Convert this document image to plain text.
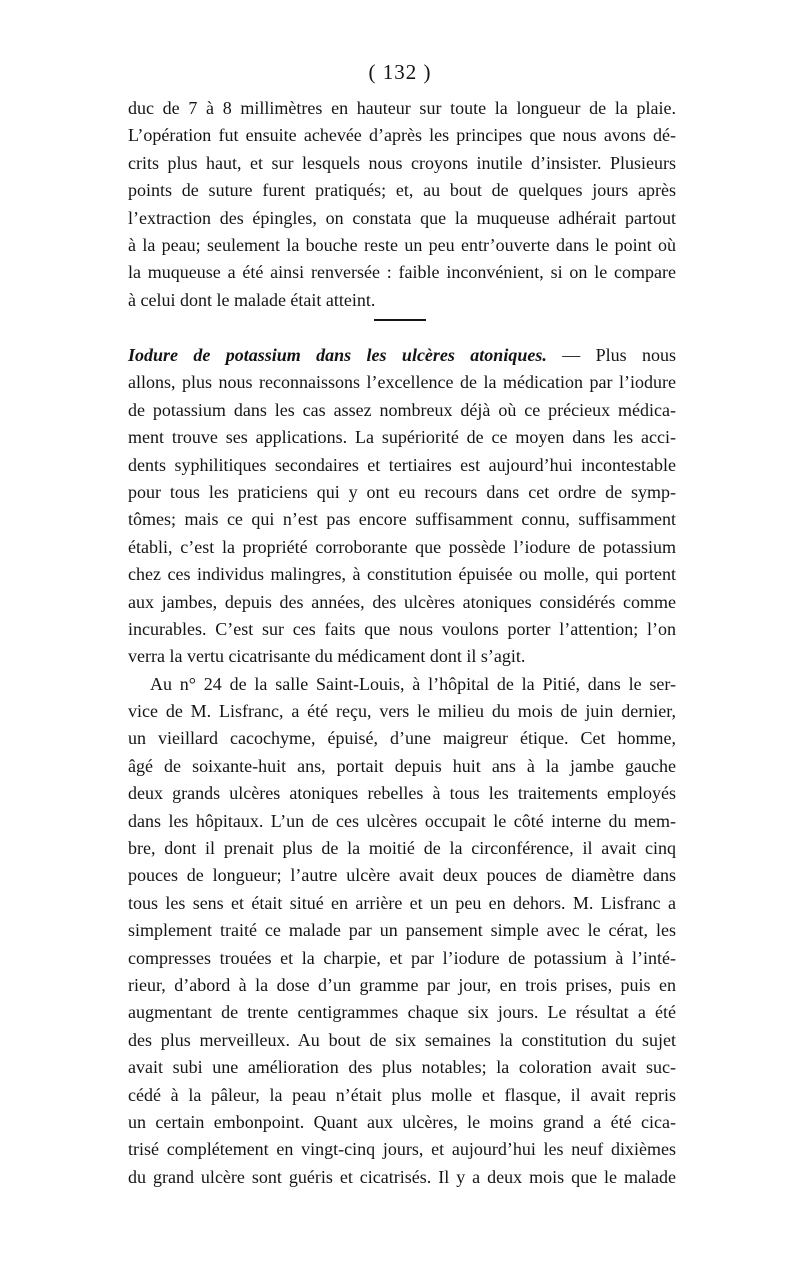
( 132 )
duc de 7 à 8 millimètres en hauteur sur toute la longueur de la plaie.
L’opération fut ensuite achevée d’après les principes que nous avons dé-
crits plus haut, et sur lesquels nous croyons inutile d’insister. Plusieurs
points de suture furent pratiqués; et, au bout de quelques jours après
l’extraction des épingles, on constata que la muqueuse adhérait partout
à la peau; seulement la bouche reste un peu entr’ouverte dans le point où
la muqueuse a été ainsi renversée : faible inconvénient, si on le compare
à celui dont le malade était atteint.
Iodure de potassium dans les ulcères atoniques. — Plus nous
allons, plus nous reconnaissons l’excellence de la médication par l’iodure
de potassium dans les cas assez nombreux déjà où ce précieux médica-
ment trouve ses applications. La supériorité de ce moyen dans les acci-
dents syphilitiques secondaires et tertiaires est aujourd’hui incontestable
pour tous les praticiens qui y ont eu recours dans cet ordre de symp-
tômes; mais ce qui n’est pas encore suffisamment connu, suffisamment
établi, c’est la propriété corroborante que possède l’iodure de potassium
chez ces individus malingres, à constitution épuisée ou molle, qui portent
aux jambes, depuis des années, des ulcères atoniques considérés comme
incurables. C’est sur ces faits que nous voulons porter l’attention; l’on
verra la vertu cicatrisante du médicament dont il s’agit.
Au n° 24 de la salle Saint-Louis, à l’hôpital de la Pitié, dans le ser-
vice de M. Lisfranc, a été reçu, vers le milieu du mois de juin dernier,
un vieillard cacochyme, épuisé, d’une maigreur étique. Cet homme,
âgé de soixante-huit ans, portait depuis huit ans à la jambe gauche
deux grands ulcères atoniques rebelles à tous les traitements employés
dans les hôpitaux. L’un de ces ulcères occupait le côté interne du mem-
bre, dont il prenait plus de la moitié de la circonférence, il avait cinq
pouces de longueur; l’autre ulcère avait deux pouces de diamètre dans
tous les sens et était situé en arrière et un peu en dehors. M. Lisfranc a
simplement traité ce malade par un pansement simple avec le cérat, les
compresses trouées et la charpie, et par l’iodure de potassium à l’inté-
rieur, d’abord à la dose d’un gramme par jour, en trois prises, puis en
augmentant de trente centigrammes chaque six jours. Le résultat a été
des plus merveilleux. Au bout de six semaines la constitution du sujet
avait subi une amélioration des plus notables; la coloration avait suc-
cédé à la pâleur, la peau n’était plus molle et flasque, il avait repris
un certain embonpoint. Quant aux ulcères, le moins grand a été cica-
trisé complétement en vingt-cinq jours, et aujourd’hui les neuf dixièmes
du grand ulcère sont guéris et cicatrisés. Il y a deux mois que le malade
